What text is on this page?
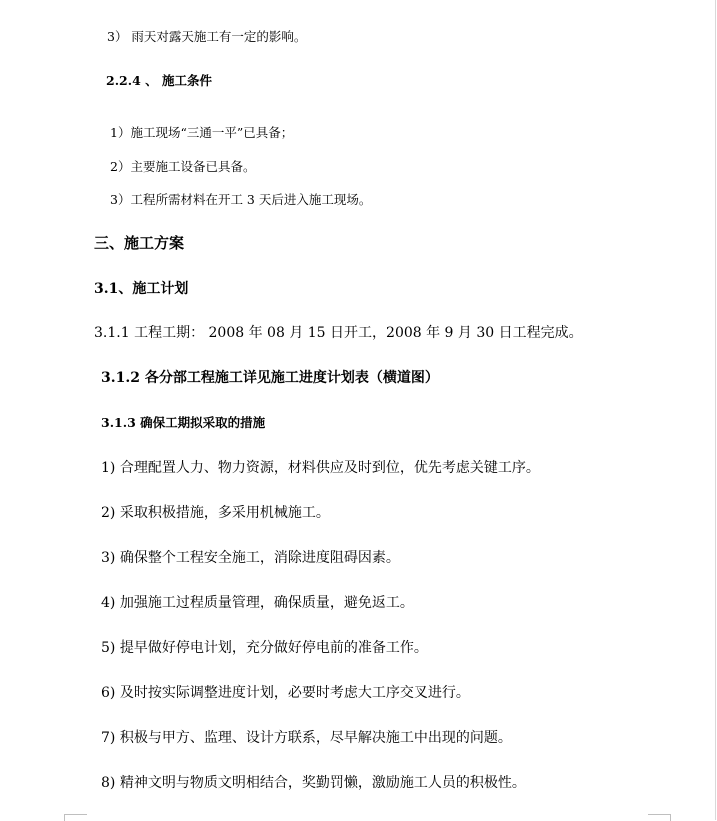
3） 雨天对露天施工有一定的影响。
2.2.4 、 施工条件
1）施工现场“三通一平”已具备；
2）主要施工设备已具备。
3）工程所需材料在开工 3 天后进入施工现场。
三、施工方案
3.1、施工计划
3.1.1 工程工期： 2008 年 08 月 15 日开工，2008 年 9 月 30 日工程完成。
3.1.2 各分部工程施工详见施工进度计划表（横道图）
3.1.3 确保工期拟采取的措施
1) 合理配置人力、物力资源，材料供应及时到位，优先考虑关键工序。
2) 采取积极措施，多采用机械施工。
3) 确保整个工程安全施工，消除进度阻碍因素。
4) 加强施工过程质量管理，确保质量，避免返工。
5) 提早做好停电计划，充分做好停电前的准备工作。
6) 及时按实际调整进度计划，必要时考虑大工序交叉进行。
7) 积极与甲方、监理、设计方联系，尽早解决施工中出现的问题。
8) 精神文明与物质文明相结合，奖勤罚懒，激励施工人员的积极性。
